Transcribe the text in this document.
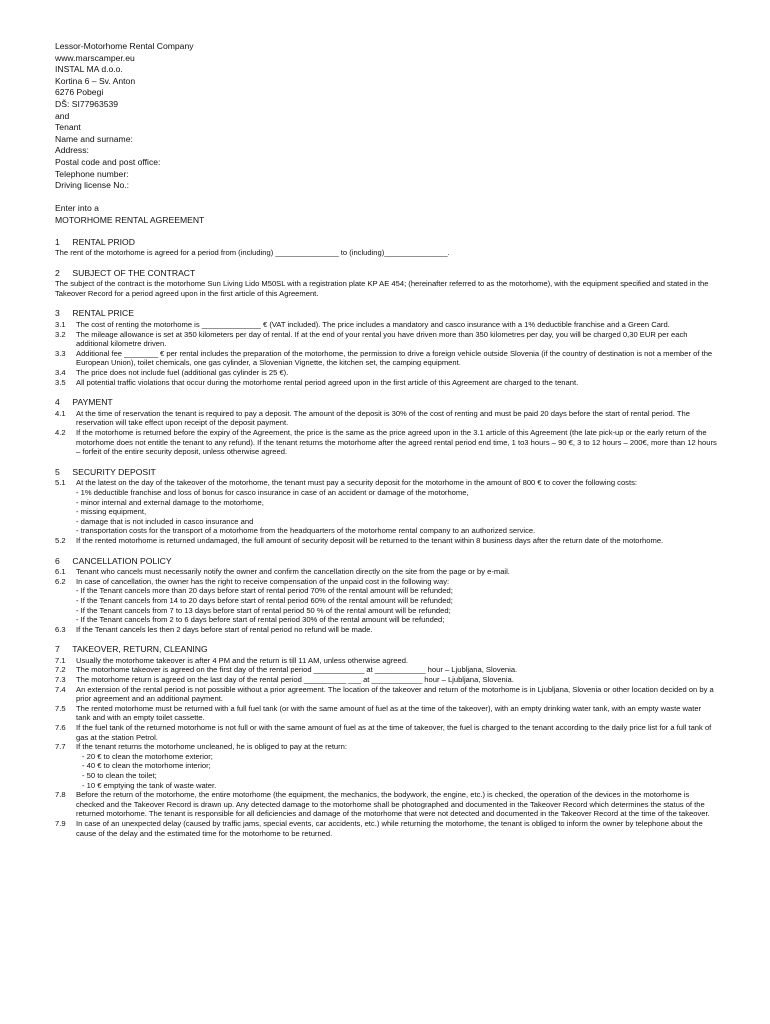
Lessor-Motorhome Rental Company
www.marscamper.eu
INSTAL MA d.o.o.
Kortina 6 – Sv. Anton
6276 Pobegi
DŠ: SI77963539
and
Tenant
Name and surname:
Address:
Postal code and post office:
Telephone number:
Driving license No.:
Enter into a
MOTORHOME RENTAL AGREEMENT
1 RENTAL PRIOD
The rent of the motorhome is agreed for a period from (including) _______________ to (including)_______________.
2 SUBJECT OF THE CONTRACT
The subject of the contract is the motorhome Sun Living Lido M50SL with a registration plate KP AE 454; (hereinafter referred to as the motorhome), with the equipment specified and stated in the Takeover Record for a period agreed upon in the first article of this Agreement.
3 RENTAL PRICE
3.1	The cost of renting the motorhome is ______________ € (VAT included). The price includes a mandatory and casco insurance with a 1% deductible franchise and a Green Card.
3.2	The mileage allowance is set at 350 kilometers per day of rental. If at the end of your rental you have driven more than 350 kilometres per day, you will be charged 0,30 EUR per each additional kilometre driven.
3.3	Additional fee ________ € per rental includes the preparation of the motorhome, the permission to drive a foreign vehicle outside Slovenia (if the country of destination is not a member of the European Union), toilet chemicals, one gas cylinder, a Slovenian Vignette, the kitchen set, the camping equipment.
3.4	The price does not include fuel (additional gas cylinder is 25 €).
3.5	All potential traffic violations that occur during the motorhome rental period agreed upon in the first article of this Agreement are charged to the tenant.
4 PAYMENT
4.1	At the time of reservation the tenant is required to pay a deposit. The amount of the deposit is 30% of the cost of renting and must be paid 20 days before the start of rental period. The reservation will take effect upon receipt of the deposit payment.
4.2	If the motorhome is returned before the expiry of the Agreement, the price is the same as the price agreed upon in the 3.1 article of this Agreement (the late pick-up or the early return of the motorhome does not entitle the tenant to any refund). If the tenant returns the motorhome after the agreed rental period end time, 1 to3 hours – 90 €, 3 to 12 hours – 200€, more than 12 hours – forfeit of the entire security deposit, unless otherwise agreed.
5 SECURITY DEPOSIT
5.1	At the latest on the day of the takeover of the motorhome, the tenant must pay a security deposit for the motorhome in the amount of 800 € to cover the following costs:
- 1% deductible franchise and loss of bonus for casco insurance in case of an accident or damage of the motorhome,
- minor internal and external damage to the motorhome,
- missing equipment,
- damage that is not included in casco insurance and
- transportation costs for the transport of a motorhome from the headquarters of the motorhome rental company to an authorized service.
5.2	If the rented motorhome is returned undamaged, the full amount of security deposit will be returned to the tenant within 8 business days after the return date of the motorhome.
6 CANCELLATION POLICY
6.1	Tenant who cancels must necessarily notify the owner and confirm the cancellation directly on the site from the page or by e-mail.
6.2	In case of cancellation, the owner has the right to receive compensation of the unpaid cost in the following way:
- If the Tenant cancels more than 20 days before start of rental period 70% of the rental amount will be refunded;
- If the Tenant cancels from 14 to 20 days before start of rental period 60% of the rental amount will be refunded;
- If the Tenant cancels from 7 to 13 days before start of rental period 50 % of the rental amount will be refunded;
- If the Tenant cancels from 2 to 6 days before start of rental period 30% of the rental amount will be refunded;
6.3	If the Tenant cancels les then 2 days before start of rental period no refund will be made.
7 TAKEOVER, RETURN, CLEANING
7.1	Usually the motorhome takeover is after 4 PM and the return is till 11 AM, unless otherwise agreed.
7.2	The motorhome takeover is agreed on the first day of the rental period ____________ at ____________ hour – Ljubljana, Slovenia.
7.3	The motorhome return is agreed on the last day of the rental period __________ ___ at ____________ hour – Ljubljana, Slovenia.
7.4	An extension of the rental period is not possible without a prior agreement. The location of the takeover and return of the motorhome is in Ljubljana, Slovenia or other location decided on by a prior agreement and an additional payment.
7.5	The rented motorhome must be returned with a full fuel tank (or with the same amount of fuel as at the time of the takeover), with an empty drinking water tank, with an empty waste water tank and with an empty toilet cassette.
7.6	If the fuel tank of the returned motorhome is not full or with the same amount of fuel as at the time of takeover, the fuel is charged to the tenant according to the daily price list for a full tank of gas at the station Petrol.
7.7	If the tenant returns the motorhome uncleaned, he is obliged to pay at the return:
- 20 € to clean the motorhome exterior;
- 40 € to clean the motorhome interior;
- 50 to clean the toilet;
- 10 € emptying the tank of waste water.
7.8	Before the return of the motorhome, the entire motorhome (the equipment, the mechanics, the bodywork, the engine, etc.) is checked, the operation of the devices in the motorhome is checked and the Takeover Record is drawn up. Any detected damage to the motorhome shall be photographed and documented in the Takeover Record which determines the status of the returned motorhome. The tenant is responsible for all deficiencies and damage of the motorhome that were not detected and documented in the Takeover Record at the time of the takeover.
7.9	In case of an unexpected delay (caused by traffic jams, special events, car accidents, etc.) while returning the motorhome, the tenant is obliged to inform the owner by telephone about the cause of the delay and the estimated time for the motorhome to be returned.
